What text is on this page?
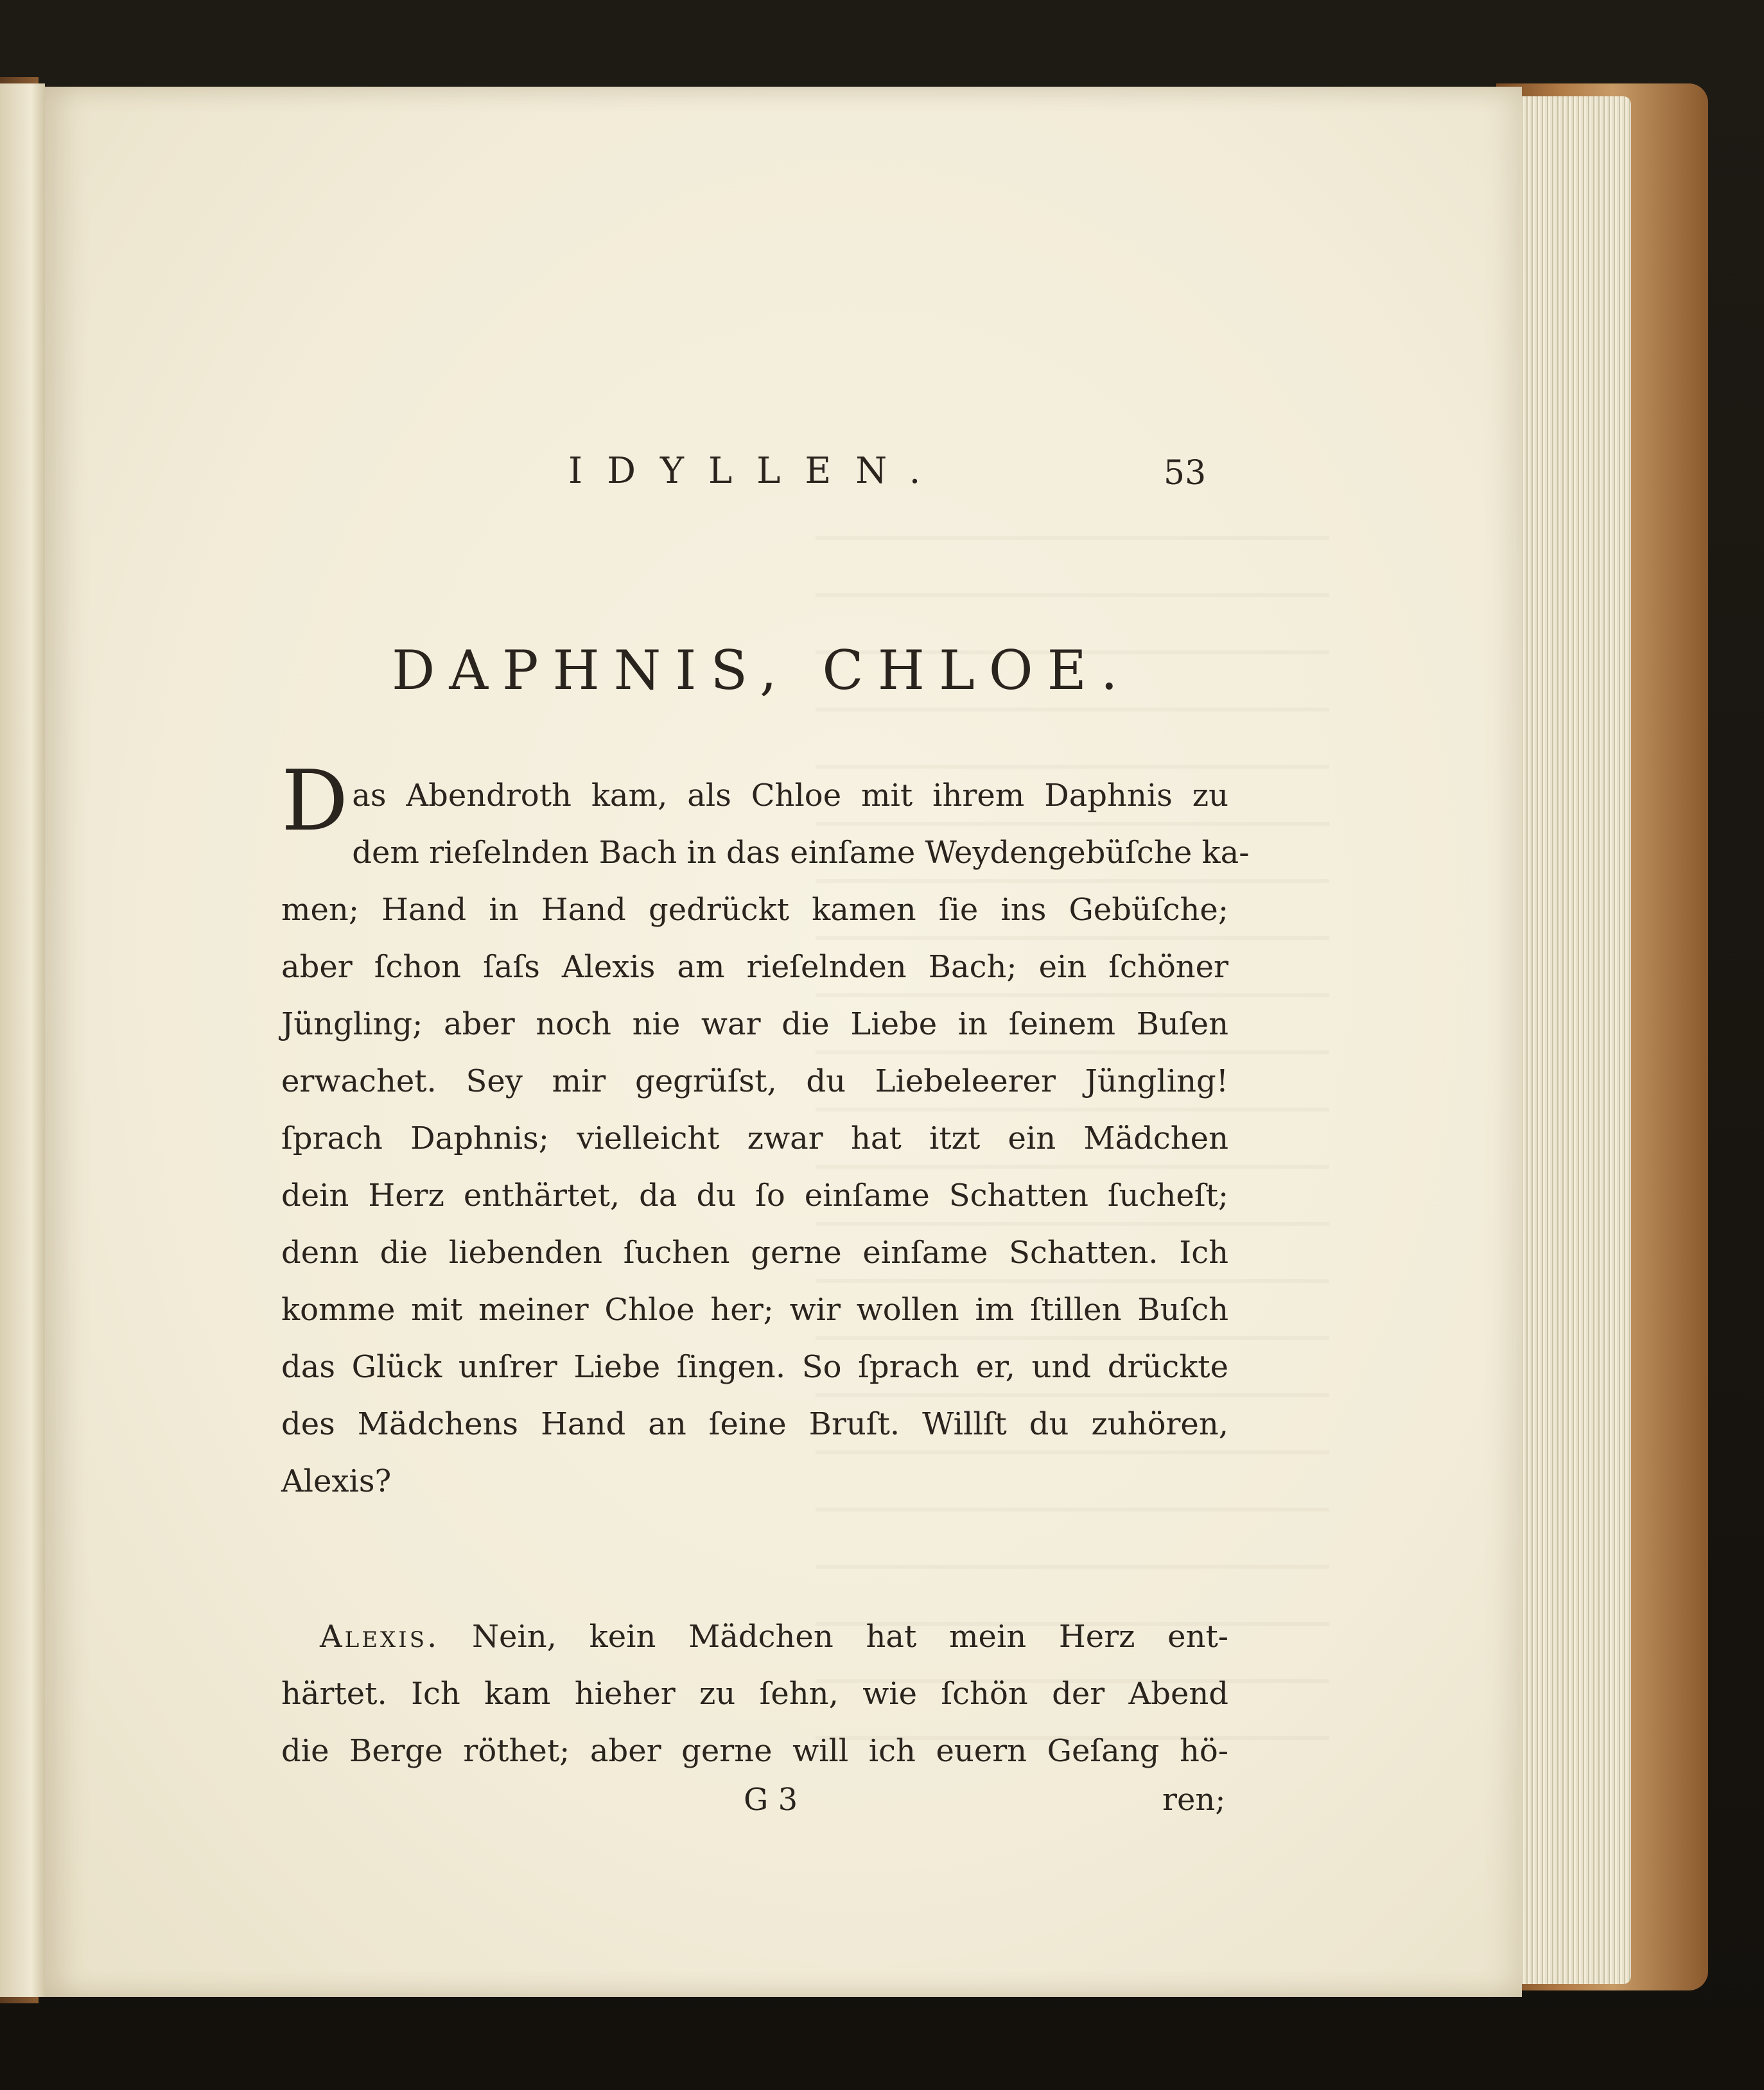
IDYLLEN.	53
DAPHNIS, CHLOE.
D as Abendroth kam, als Chloe mit ihrem Daphnis zu
dem rieſelnden Bach in das einſame Weydengebüſche ka-
men; Hand in Hand gedrückt kamen ſie ins Gebüſche;
aber ſchon ſaſs Alexis am rieſelnden Bach; ein ſchöner
Jüngling; aber noch nie war die Liebe in ſeinem Buſen
erwachet. Sey mir gegrüſst, du Liebeleerer Jüngling!
ſprach Daphnis; vielleicht zwar hat itzt ein Mädchen
dein Herz enthärtet, da du ſo einſame Schatten ſucheſt;
denn die liebenden ſuchen gerne einſame Schatten. Ich
komme mit meiner Chloe her; wir wollen im ſtillen Buſch
das Glück unſrer Liebe ſingen. So ſprach er, und drückte
des Mädchens Hand an ſeine Bruſt. Willſt du zuhören,
Alexis?
Alexis. Nein, kein Mädchen hat mein Herz ent-
härtet. Ich kam hieher zu ſehn, wie ſchön der Abend
die Berge röthet; aber gerne will ich euern Geſang hö-
G 3	ren;
